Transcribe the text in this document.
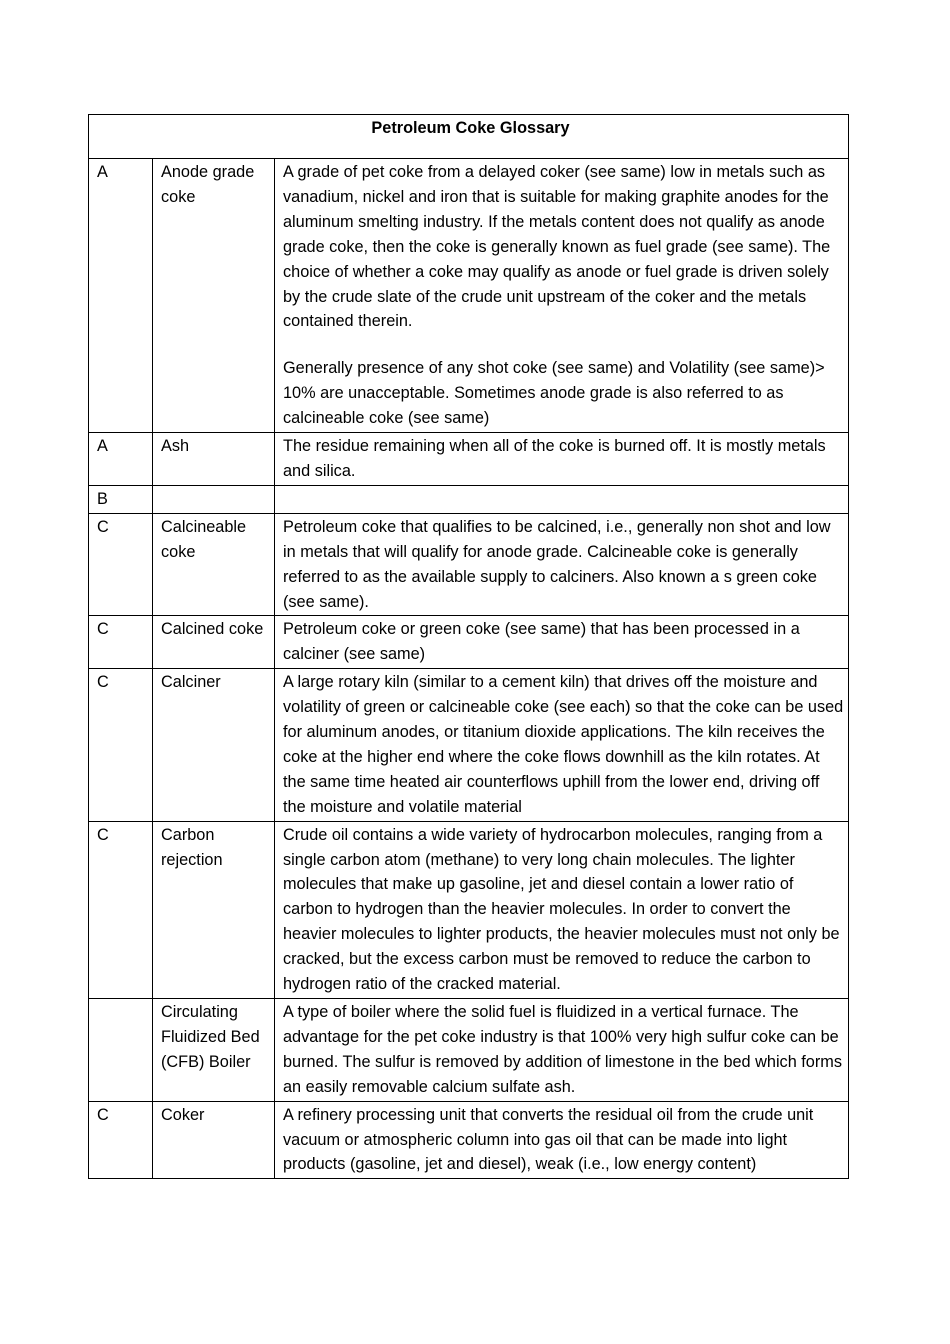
Petroleum Coke Glossary		
A	Anode grade coke	A grade of pet coke from a delayed coker (see same) low in metals such as vanadium, nickel and iron that is suitable for making graphite anodes for the aluminum smelting industry. If the metals content does not qualify as anode grade coke, then the coke is generally known as fuel grade (see same). The choice of whether a coke may qualify as anode or fuel grade is driven solely by the crude slate of the crude unit upstream of the coker and the metals contained therein.

Generally presence of any shot coke (see same) and Volatility (see same)> 10% are unacceptable. Sometimes anode grade is also referred to as calcineable coke (see same)

A	Ash	The residue remaining when all of the coke is burned off. It is mostly metals and silica.

B		

C	Calcineable coke	Petroleum coke that qualifies to be calcined, i.e., generally non shot and low in metals that will qualify for anode grade. Calcineable coke is generally referred to as the available supply to calciners. Also known a s green coke (see same).

C	Calcined coke	Petroleum coke or green coke (see same) that has been processed in a calciner (see same)

C	Calciner	A large rotary kiln (similar to a cement kiln) that drives off the moisture and volatility of green or calcineable coke (see each) so that the coke can be used for aluminum anodes, or titanium dioxide applications. The kiln receives the coke at the higher end where the coke flows downhill as the kiln rotates. At the same time heated air counterflows uphill from the lower end, driving off the moisture and volatile material

C	Carbon rejection	Crude oil contains a wide variety of hydrocarbon molecules, ranging from a single carbon atom (methane) to very long chain molecules. The lighter molecules that make up gasoline, jet and diesel contain a lower ratio of carbon to hydrogen than the heavier molecules. In order to convert the heavier molecules to lighter products, the heavier molecules must not only be cracked, but the excess carbon must be removed to reduce the carbon to hydrogen ratio of the cracked material.

	Circulating Fluidized Bed (CFB) Boiler	A type of boiler where the solid fuel is fluidized in a vertical furnace. The advantage for the pet coke industry is that 100% very high sulfur coke can be burned. The sulfur is removed by addition of limestone in the bed which forms an easily removable calcium sulfate ash.

C	Coker	A refinery processing unit that converts the residual oil from the crude unit vacuum or atmospheric column into gas oil that can be made into light products (gasoline, jet and diesel), weak (i.e., low energy content)
